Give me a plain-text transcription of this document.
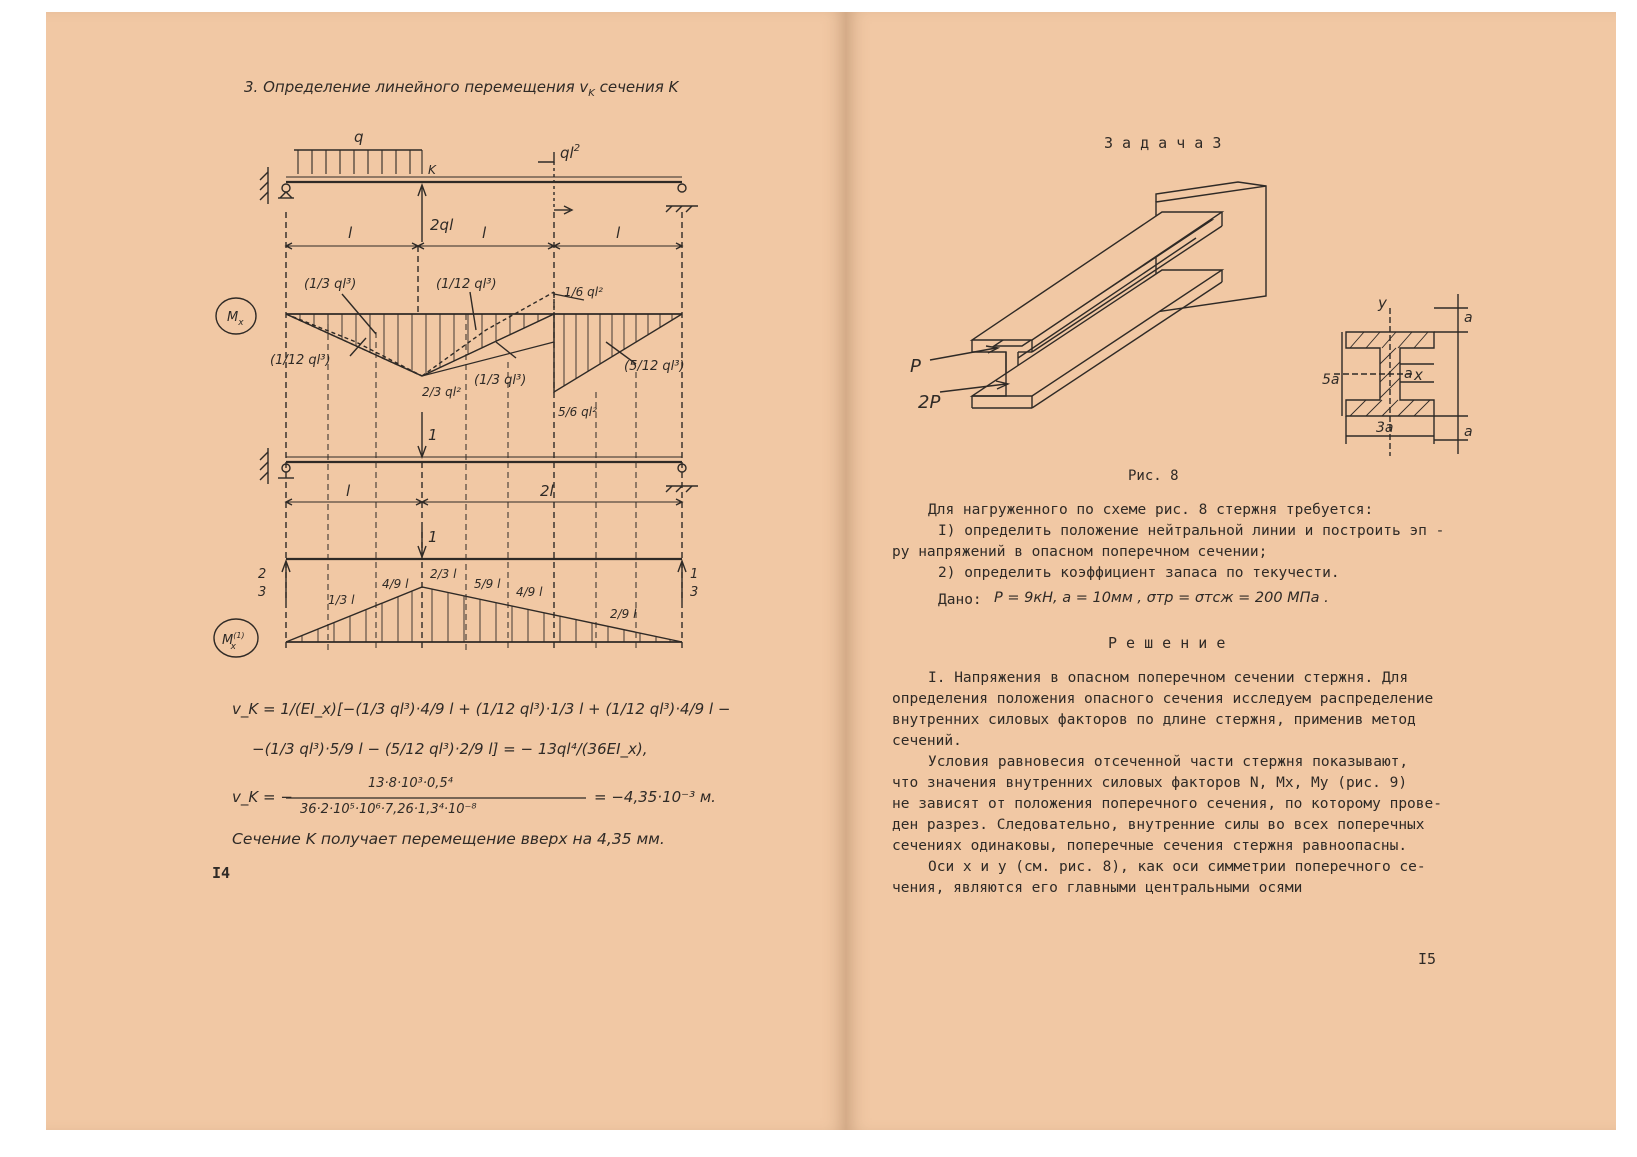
3. Определение линейного перемещения $v_K$ сечения K
q
K
$ql^2$
2ql
l	l	l
$M_x$
(1/3 ql³)	(1/12 ql³)
(1/12 ql³)
(1/3 ql³)
(5/12 ql³)
1/6 ql²
2/3 ql²
5/6 ql²
1
l	2l
1
2
3
1
3
1/3 l
4/9 l
2/3 l
5/9 l
4/9 l
2/9 l
$M^{(1)}$ x
v_K = 1/(EI_x)[−(1/3 ql³)·4/9 l + (1/12 ql³)·1/3 l + (1/12 ql³)·4/9 l −
−(1/3 ql³)·5/9 l − (5/12 ql³)·2/9 l] = − 13ql⁴/(36EI_x),
v_K = −
13·8·10³·0,5⁴
36·2·10⁵·10⁶·7,26·1,3⁴·10⁻⁸
= −4,35·10⁻³ м.
Сечение K получает перемещение вверх на 4,35 мм.
I4
З а д а ч а 3
P
2P
y
x
a
a
a
5a
3a
Рис. 8
Для нагруженного по схеме рис. 8 стержня требуется:
I) определить положение нейтральной линии и построить эп -
ру напряжений в опасном поперечном сечении;
2) определить коэффициент запаса по текучести.
Дано: P = 9кН, a = 10мм , σтр = σтсж = 200 МПа .
Р е ш е н и е
I. Напряжения в опасном поперечном сечении стержня. Для
определения положения опасного сечения исследуем распределение
внутренних силовых факторов по длине стержня, применив метод
сечений.
Условия равновесия отсеченной части стержня показывают,
что значения внутренних силовых факторов N, Mx, My (рис. 9)
не зависят от положения поперечного сечения, по которому прове-
ден разрез. Следовательно, внутренние силы во всех поперечных
сечениях одинаковы, поперечные сечения стержня равноопасны.
Оси x и y (см. рис. 8), как оси симметрии поперечного се-
чения, являются его главными центральными осями
I5
